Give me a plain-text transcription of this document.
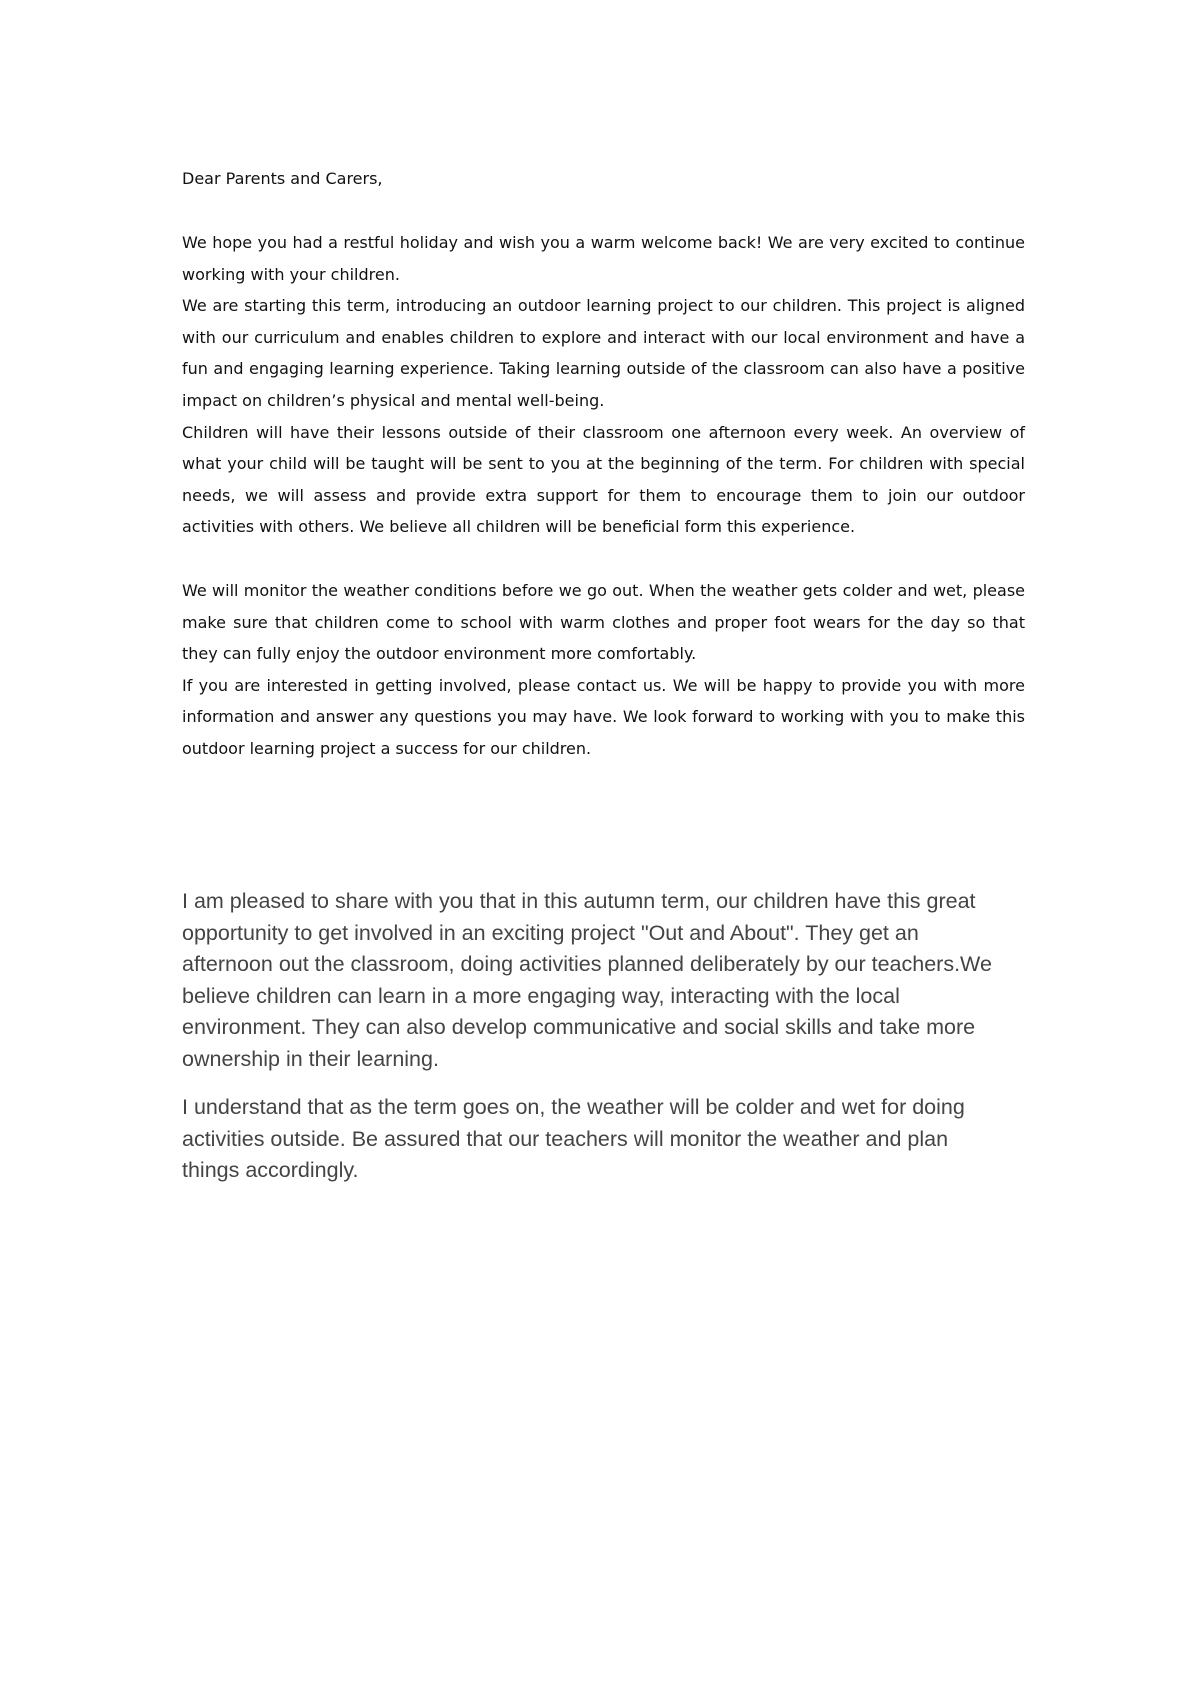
Dear Parents and Carers,

We hope you had a restful holiday and wish you a warm welcome back! We are very excited to continue working with your children.

We are starting this term, introducing an outdoor learning project to our children. This project is aligned with our curriculum and enables children to explore and interact with our local environment and have a fun and engaging learning experience. Taking learning outside of the classroom can also have a positive impact on children’s physical and mental well-being.

Children will have their lessons outside of their classroom one afternoon every week. An overview of what your child will be taught will be sent to you at the beginning of the term. For children with special needs, we will assess and provide extra support for them to encourage them to join our outdoor activities with others. We believe all children will be beneficial form this experience.

We will monitor the weather conditions before we go out. When the weather gets colder and wet, please make sure that children come to school with warm clothes and proper foot wears for the day so that they can fully enjoy the outdoor environment more comfortably.

If you are interested in getting involved, please contact us. We will be happy to provide you with more information and answer any questions you may have. We look forward to working with you to make this outdoor learning project a success for our children.

I am pleased to share with you that in this autumn term, our children have this great opportunity to get involved in an exciting project "Out and About". They get an afternoon out the classroom, doing activities planned deliberately by our teachers.We believe children can learn in a more engaging way, interacting with the local environment. They can also develop communicative and social skills and take more ownership in their learning.

I understand that as the term goes on, the weather will be colder and wet for doing activities outside. Be assured that our teachers will monitor the weather and plan things accordingly.
